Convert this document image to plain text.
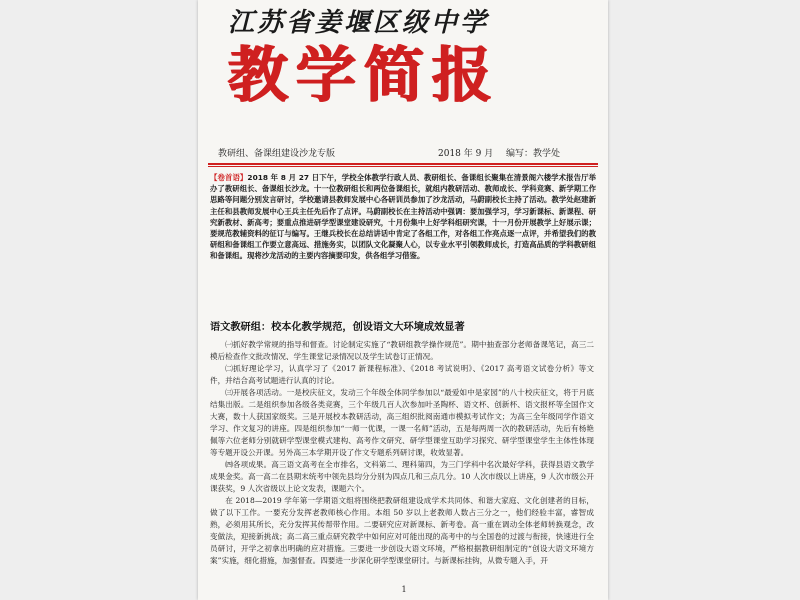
江苏省姜堰区级中学
教学简报
教研组、备课组建设沙龙专版	2018 年 9 月 编写：教学处
【卷首语】2018 年 8 月 27 日下午，学校全体教学行政人员、教研组长、备课组长聚集在清景阁六楼学术报告厅举办了教研组长、备课组长沙龙。十一位教研组长和两位备课组长，就组内教研活动、教师成长、学科竞赛、新学期工作思路等问题分别发言研讨，学校邀请县教师发展中心各研训员参加了沙龙活动，马蔚副校长主持了活动。教学处赵建新主任和县教师发展中心王兵主任先后作了点评。马蔚副校长在主持活动中强调：要加强学习，学习新课标、新课程、研究新教材、新高考；要重点推进研学型课堂建设研究，十月份集中上好学科组研究课，十一月份开展教学上好展示课；要规范教辅资料的征订与编写。王继兵校长在总结讲话中肯定了各组工作，对各组工作亮点逐一点评，并希望我们的教研组和备课组工作要立意高远、措施务实，以团队文化凝聚人心，以专业水平引领教师成长，打造高品质的学科教研组和备课组。现将沙龙活动的主要内容摘要印发，供各组学习借鉴。
语文教研组：校本化教学规范，创设语文大环境成效显著

㈠抓好教学常规的指导和督查。讨论制定实施了“教研组教学操作规范”。期中抽查部分老师备课笔记，高三二模后检查作文批改情况、学生课堂记录情况以及学生试卷订正情况。

㈡抓好理论学习，认真学习了《2017 新课程标准》、《2018 考试说明》、《2017 高考语文试卷分析》等文件，并结合高考试题进行认真的讨论。

㈢开展各项活动。一是校庆征文，发动三个年级全体同学参加以“最爱如中是家园”的八十校庆征文，将于月底结集出版。二是组织参加各级各类竞赛，三个年级几百人次参加叶圣陶杯、语文杯、创新杯、语文报杯等全国作文大赛，数十人获国家级奖。三是开展校本教研活动，高三组织批阅南通市模拟考试作文；为高三全年级同学作语文学习、作文复习的讲座。四是组织参加“一师一优课，一课一名师”活动，五是每两周一次的教研活动，先后有杨艳佩等六位老师分别就研学型课堂模式建构、高考作文研究、研学型课堂互助学习探究、研学型课堂学生主体性体现等专题开设公开课。另外高三本学期开设了作文专题系列研讨课，收效显著。

㈣各项成果。高三语文高考在全市排名，文科第二、理科第四，为三门学科中名次最好学科，获得县语文教学成果金奖。高一高二在县期末统考中领先县均分分别为四点几和三点几分。10 人次市级以上讲座，9 人次市级公开课获奖，9 人次省级以上论文发表，课题六个。

在 2018—2019 学年第一学期语文组将围绕把教研组建设成学术共同体、和谐大家庭、文化创建者的目标，做了以下工作。一要充分发挥老教师核心作用。本组 50 岁以上老教师人数占三分之一，他们经验丰富，睿智成熟，必须用其所长，充分发挥其传帮带作用。二要研究应对新课标、新考卷。高一重在调动全体老师转换观念，改变做法，迎接新挑战；高二高三重点研究教学中如何应对可能出现的高考中的与全国卷的过渡与衔接，快速进行全员研讨，开学之初拿出明确的应对措施。三要进一步创设大语文环境，严格根据教研组制定的“创设大语文环境方案”实施，细化措施，加强督查。四要进一步深化研学型课堂研讨。与新课标挂钩，从微专题入手，开

1
